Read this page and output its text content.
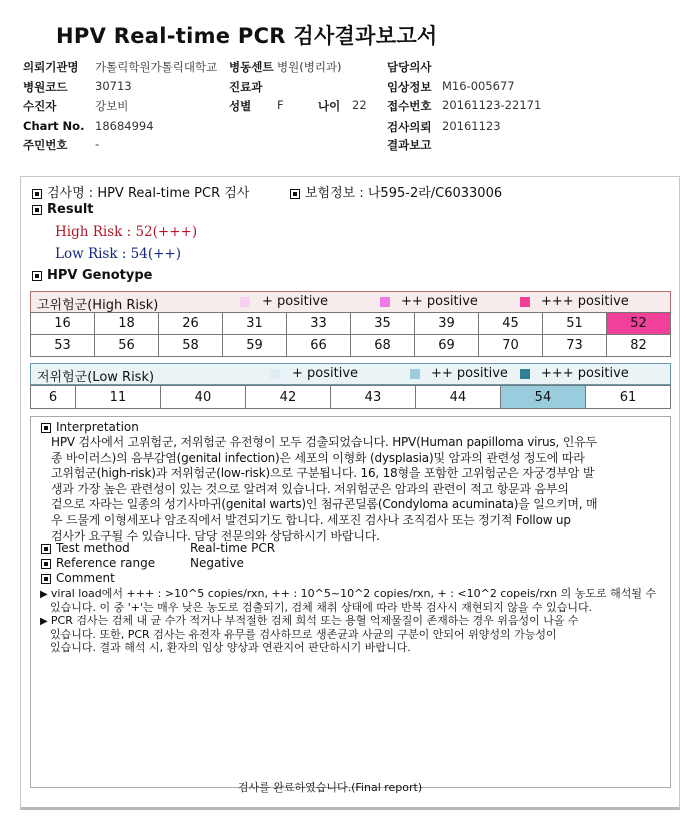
HPV Real-time PCR 검사결과보고서
의뢰기관명 가톨릭학원가톨릭대학교 병동센트 병원(병리과)	담당의사
병원코드 30713	진료과	임상정보 M16-005677
수진자	강보비	성별 F	나이 22 접수번호 20161123-22171
Chart No. 18684994	검사의뢰 20161123
주민번호 -	결과보고
검사명 : HPV Real-time PCR 검사	보험정보 : 나595-2라/C6033006
Result
High Risk : 52(+++)
Low Risk : 54(++)
HPV Genotype
고위험군(High Risk)	+ positive	++ positive	+++ positive
16	18	26	31	33	35	39	45	51	52
53	56	58	59	66	68	69	70	73	82
저위험군(Low Risk)	+ positive	++ positive	+++ positive
6	11	40	42	43	44	54	61
Interpretation
HPV 검사에서 고위험군, 저위험군 유전형이 모두 검출되었습니다. HPV(Human papilloma virus, 인유두
종 바이러스)의 음부감염(genital infection)은 세포의 이형화 (dysplasia)및 암과의 관련성 정도에 따라
고위험군(high-risk)과 저위험군(low-risk)으로 구분됩니다. 16, 18형을 포함한 고위험군은 자궁경부암 발
생과 가장 높은 관련성이 있는 것으로 알려져 있습니다. 저위험군은 암과의 관련이 적고 항문과 음부의
겉으로 자라는 일종의 성기사마귀(genital warts)인 첨규콘딜롬(Condyloma acuminata)을 일으키며, 매
우 드물게 이형세포나 암조직에서 발견되기도 합니다. 세포진 검사나 조직검사 또는 정기적 Follow up
검사가 요구될 수 있습니다. 담당 전문의와 상담하시기 바랍니다.
Test method	Real-time PCR
Reference range	Negative
Comment
▶ viral load에서 +++ : >10^5 copies/rxn, ++ : 10^5~10^2 copies/rxn, + : <10^2 copeis/rxn 의 농도로 해석될 수
있습니다. 이 중 '+'는 매우 낮은 농도로 검출되기, 검체 채취 상태에 따라 반복 검사시 재현되지 않을 수 있습니다.
▶ PCR 검사는 검체 내 균 수가 적거나 부적절한 검체 희석 또는 용혈 억제물질이 존재하는 경우 위음성이 나올 수
있습니다. 또한, PCR 검사는 유전자 유무를 검사하므로 생존균과 사균의 구분이 안되어 위양성의 가능성이
있습니다. 결과 해석 시, 환자의 임상 양상과 연관지어 판단하시기 바랍니다.
검사를 완료하였습니다.(Final report)
